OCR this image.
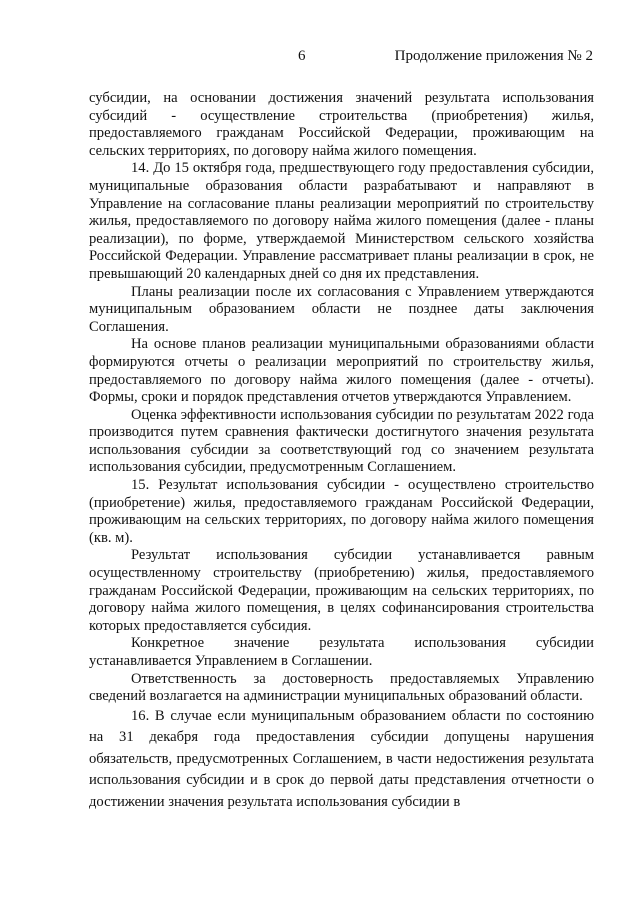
6	Продолжение приложения № 2

субсидии, на основании достижения значений результата использования субсидий - осуществление строительства (приобретения) жилья, предоставляемого гражданам Российской Федерации, проживающим на сельских территориях, по договору найма жилого помещения.

14. До 15 октября года, предшествующего году предоставления субсидии, муниципальные образования области разрабатывают и направляют в Управление на согласование планы реализации мероприятий по строительству жилья, предоставляемого по договору найма жилого помещения (далее - планы реализации), по форме, утверждаемой Министерством сельского хозяйства Российской Федерации. Управление рассматривает планы реализации в срок, не превышающий 20 календарных дней со дня их представления.

Планы реализации после их согласования с Управлением утверждаются муниципальным образованием области не позднее даты заключения Соглашения.

На основе планов реализации муниципальными образованиями области формируются отчеты о реализации мероприятий по строительству жилья, предоставляемого по договору найма жилого помещения (далее - отчеты). Формы, сроки и порядок представления отчетов утверждаются Управлением.

Оценка эффективности использования субсидии по результатам 2022 года производится путем сравнения фактически достигнутого значения результата использования субсидии за соответствующий год со значением результата использования субсидии, предусмотренным Соглашением.

15. Результат использования субсидии - осуществлено строительство (приобретение) жилья, предоставляемого гражданам Российской Федерации, проживающим на сельских территориях, по договору найма жилого помещения (кв. м).

Результат использования субсидии устанавливается равным осуществленному строительству (приобретению) жилья, предоставляемого гражданам Российской Федерации, проживающим на сельских территориях, по договору найма жилого помещения, в целях софинансирования строительства которых предоставляется субсидия.

Конкретное значение результата использования субсидии устанавливается Управлением в Соглашении.

Ответственность за достоверность предоставляемых Управлению сведений возлагается на администрации муниципальных образований области.

16. В случае если муниципальным образованием области по состоянию на 31 декабря года предоставления субсидии допущены нарушения обязательств, предусмотренных Соглашением, в части недостижения результата использования субсидии и в срок до первой даты представления отчетности о достижении значения результата использования субсидии в
